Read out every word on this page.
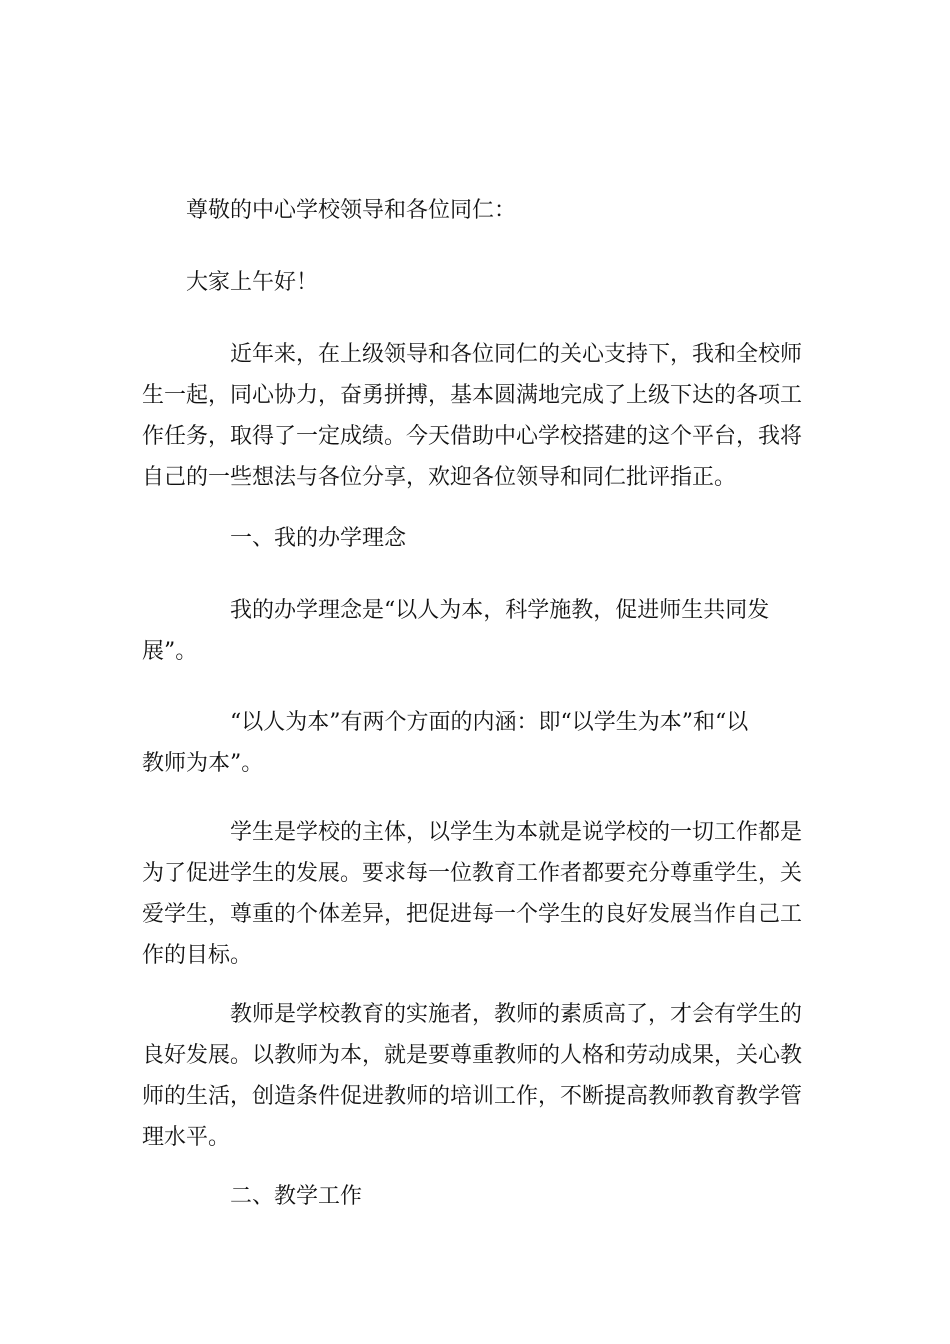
尊敬的中心学校领导和各位同仁：

大家上午好！

近年来，在上级领导和各位同仁的关心支持下，我和全校师
生一起，同心协力，奋勇拼搏，基本圆满地完成了上级下达的各项工
作任务，取得了一定成绩。今天借助中心学校搭建的这个平台，我将
自己的一些想法与各位分享，欢迎各位领导和同仁批评指正。

一、我的办学理念

我的办学理念是“以人为本，科学施教，促进师生共同发
展”。
“以人为本”有两个方面的内涵：即“以学生为本”和“以
教师为本”。
学生是学校的主体，以学生为本就是说学校的一切工作都是
为了促进学生的发展。要求每一位教育工作者都要充分尊重学生，关
爱学生，尊重的个体差异，把促进每一个学生的良好发展当作自己工
作的目标。
教师是学校教育的实施者，教师的素质高了，才会有学生的
良好发展。以教师为本，就是要尊重教师的人格和劳动成果，关心教
师的生活，创造条件促进教师的培训工作，不断提高教师教育教学管
理水平。

二、教学工作
